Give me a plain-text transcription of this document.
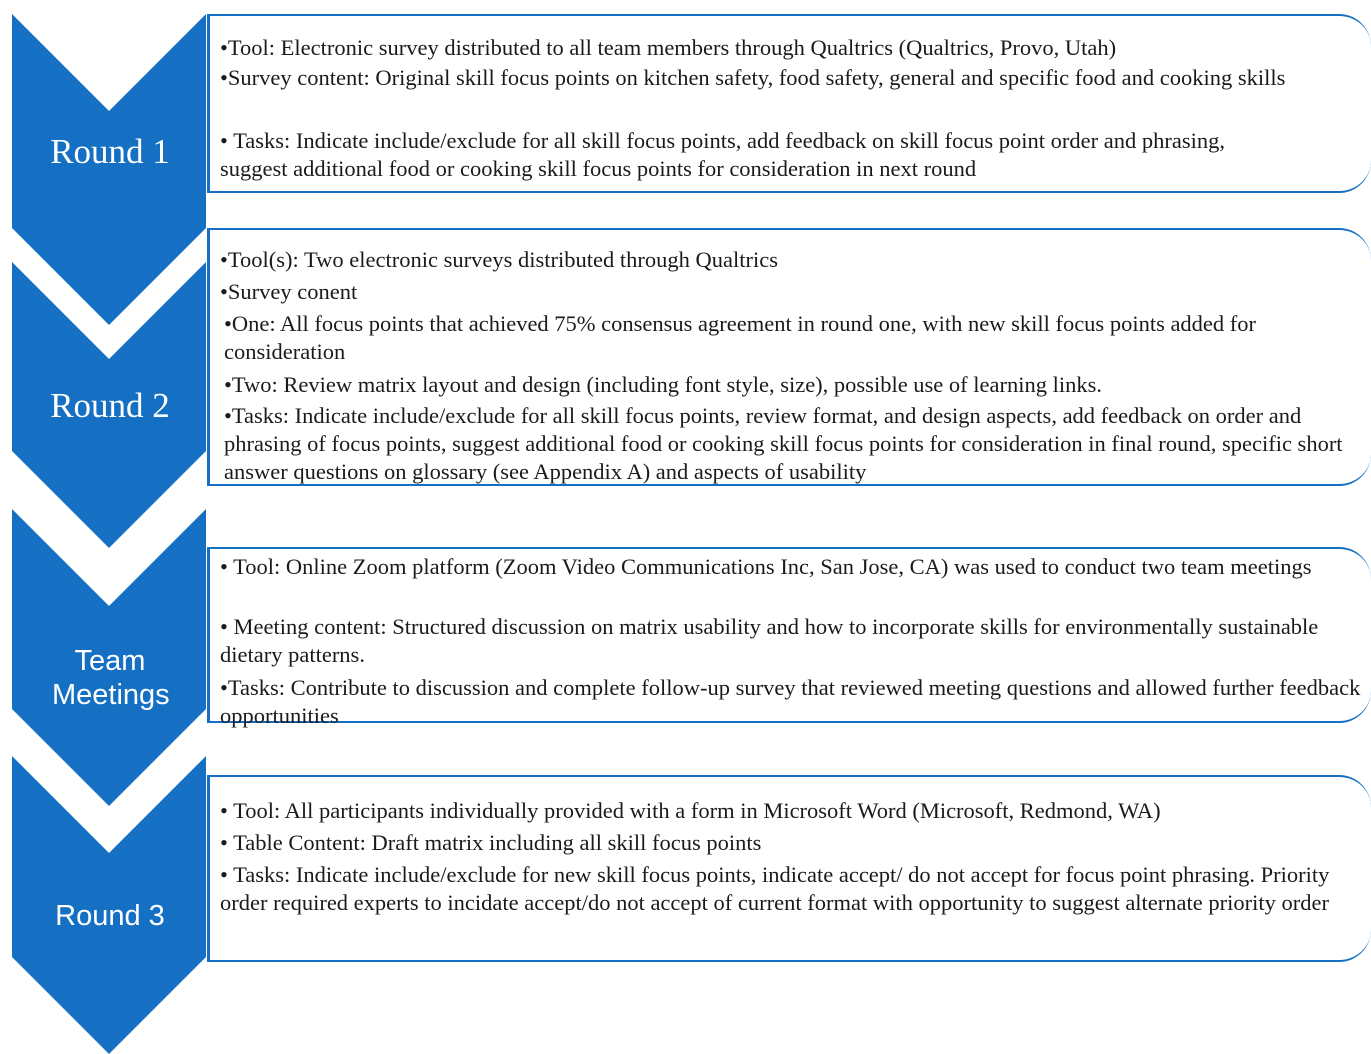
Round 1
Round 2
Team Meetings
Round 3

•Tool: Electronic survey distributed to all team members through Qualtrics (Qualtrics, Provo, Utah)

•Survey content: Original skill focus points on kitchen safety, food safety, general and specific food and cooking skills

• Tasks: Indicate include/exclude for all skill focus points, add feedback on skill focus point order and phrasing, suggest additional food or cooking skill focus points for consideration in next round

•Tool(s): Two electronic surveys distributed through Qualtrics

•Survey conent

•One: All focus points that achieved 75% consensus agreement in round one, with new skill focus points added for consideration

•Two: Review matrix layout and design (including font style, size), possible use of learning links.

•Tasks: Indicate include/exclude for all skill focus points, review format, and design aspects, add feedback on order and phrasing of focus points, suggest additional food or cooking skill focus points for consideration in final round, specific short answer questions on glossary (see Appendix A) and aspects of usability

• Tool: Online Zoom platform (Zoom Video Communications Inc, San Jose, CA) was used to conduct two team meetings

• Meeting content: Structured discussion on matrix usability and how to incorporate skills for environmentally sustainable dietary patterns.

•Tasks: Contribute to discussion and complete follow-up survey that reviewed meeting questions and allowed further feedback opportunities

• Tool: All participants individually provided with a form in Microsoft Word (Microsoft, Redmond, WA)

• Table Content: Draft matrix including all skill focus points

• Tasks: Indicate include/exclude for new skill focus points, indicate accept/ do not accept for focus point phrasing. Priority order required experts to incidate accept/do not accept of current format with opportunity to suggest alternate priority order
